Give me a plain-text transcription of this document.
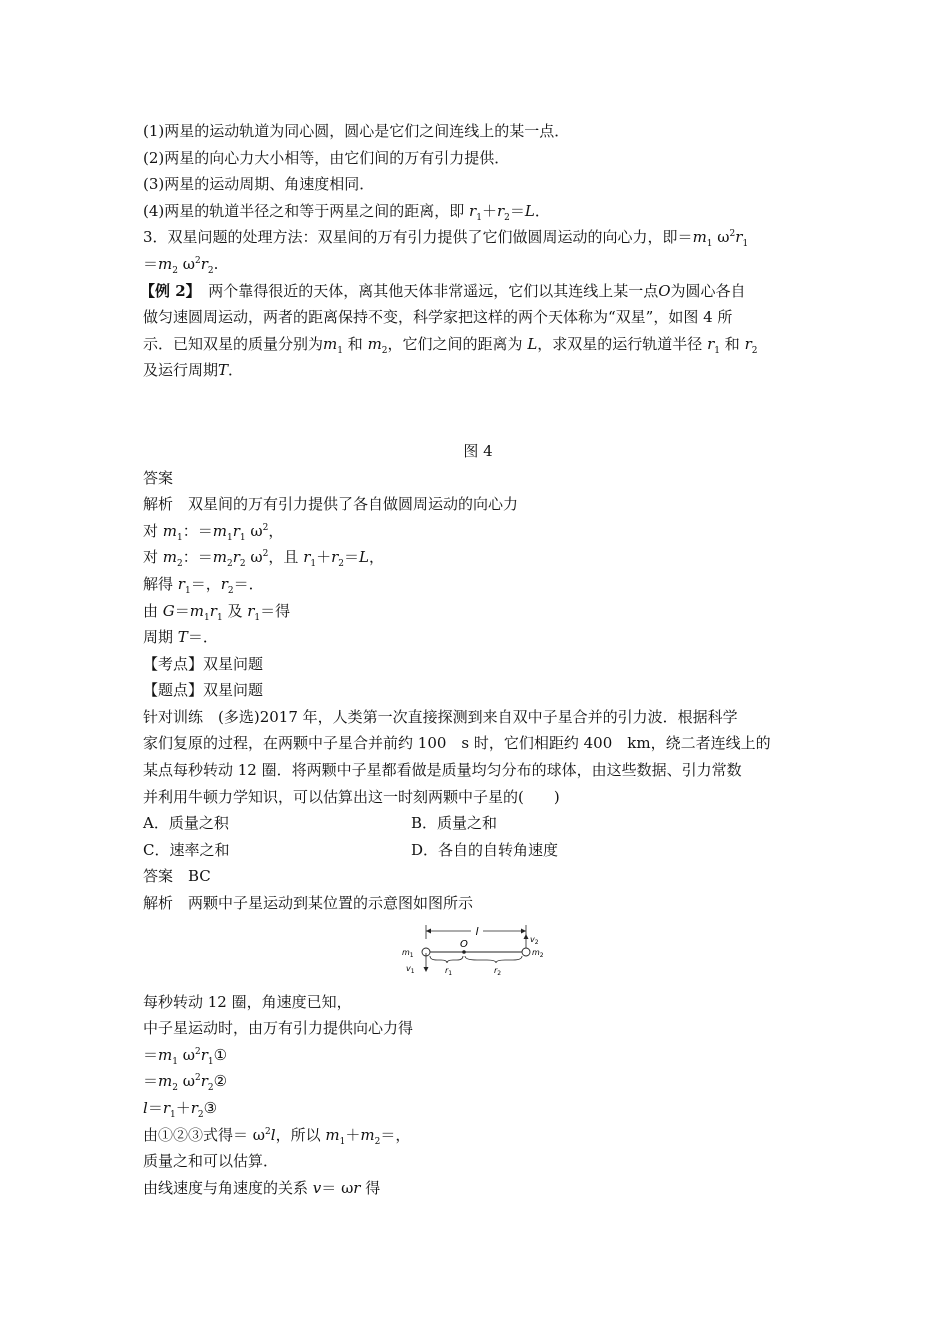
(1)两星的运动轨道为同心圆，圆心是它们之间连线上的某一点．
(2)两星的向心力大小相等，由它们间的万有引力提供．
(3)两星的运动周期、角速度相同．
(4)两星的轨道半径之和等于两星之间的距离，即 $r_1+r_2=L$．
3．双星问题的处理方法：双星间的万有引力提供了它们做圆周运动的向心力，即$=m_1$ $\omega^2r_1$
$=m_2$ $\omega^2r_2$.
【例 2】　 两个靠得很近的天体，离其他天体非常遥远，它们以其连线上某一点O为圆心各自
做匀速圆周运动，两者的距离保持不变，科学家把这样的两个天体称为“双星”，如图 4 所
示．已知双星的质量分别为$m_1$ 和 $m_2$，它们之间的距离为 L，求双星的运行轨道半径 $r_1$ 和 $r_2$
及运行周期T．
图 4
答案
解析　双星间的万有引力提供了各自做圆周运动的向心力
对 $m_1$：$=m_1r_1$ $\omega^2$，
对 $m_2$：$=m_2r_2$ $\omega^2$，且 $r_1+r_2=L$，
解得 $r_1=$，$r_2=$．
由 $G=m_1r_1$ 及 $r_1=$得
周期 T＝．
【考点】双星问题
【题点】双星问题
针对训练　(多选)2017 年，人类第一次直接探测到来自双中子星合并的引力波．根据科学
家们复原的过程，在两颗中子星合并前约 100　s 时，它们相距约 400　km，绕二者连线上的
某点每秒转动 12 圈．将两颗中子星都看做是质量均匀分布的球体，由这些数据、引力常数
并利用牛顿力学知识，可以估算出这一时刻两颗中子星的(　　)
A．质量之积	B．质量之和
C．速率之和	D．各自的自转角速度
答案　BC
解析　两颗中子星运动到某位置的示意图如图所示
l
$v_2$
O
$m_1$	$m_2$
$v_1$	$r_1$	$r_2$
每秒转动 12 圈，角速度已知，
中子星运动时，由万有引力提供向心力得
$=m_1$ $\omega^2r_1①$
$=m_2$ $\omega^2r_2②$
$l=r_1+r_2③$
由①②③式得＝ $\omega^2l$，所以 $m_1+m_2=$，
质量之和可以估算．
由线速度与角速度的关系 v＝ ωr 得
